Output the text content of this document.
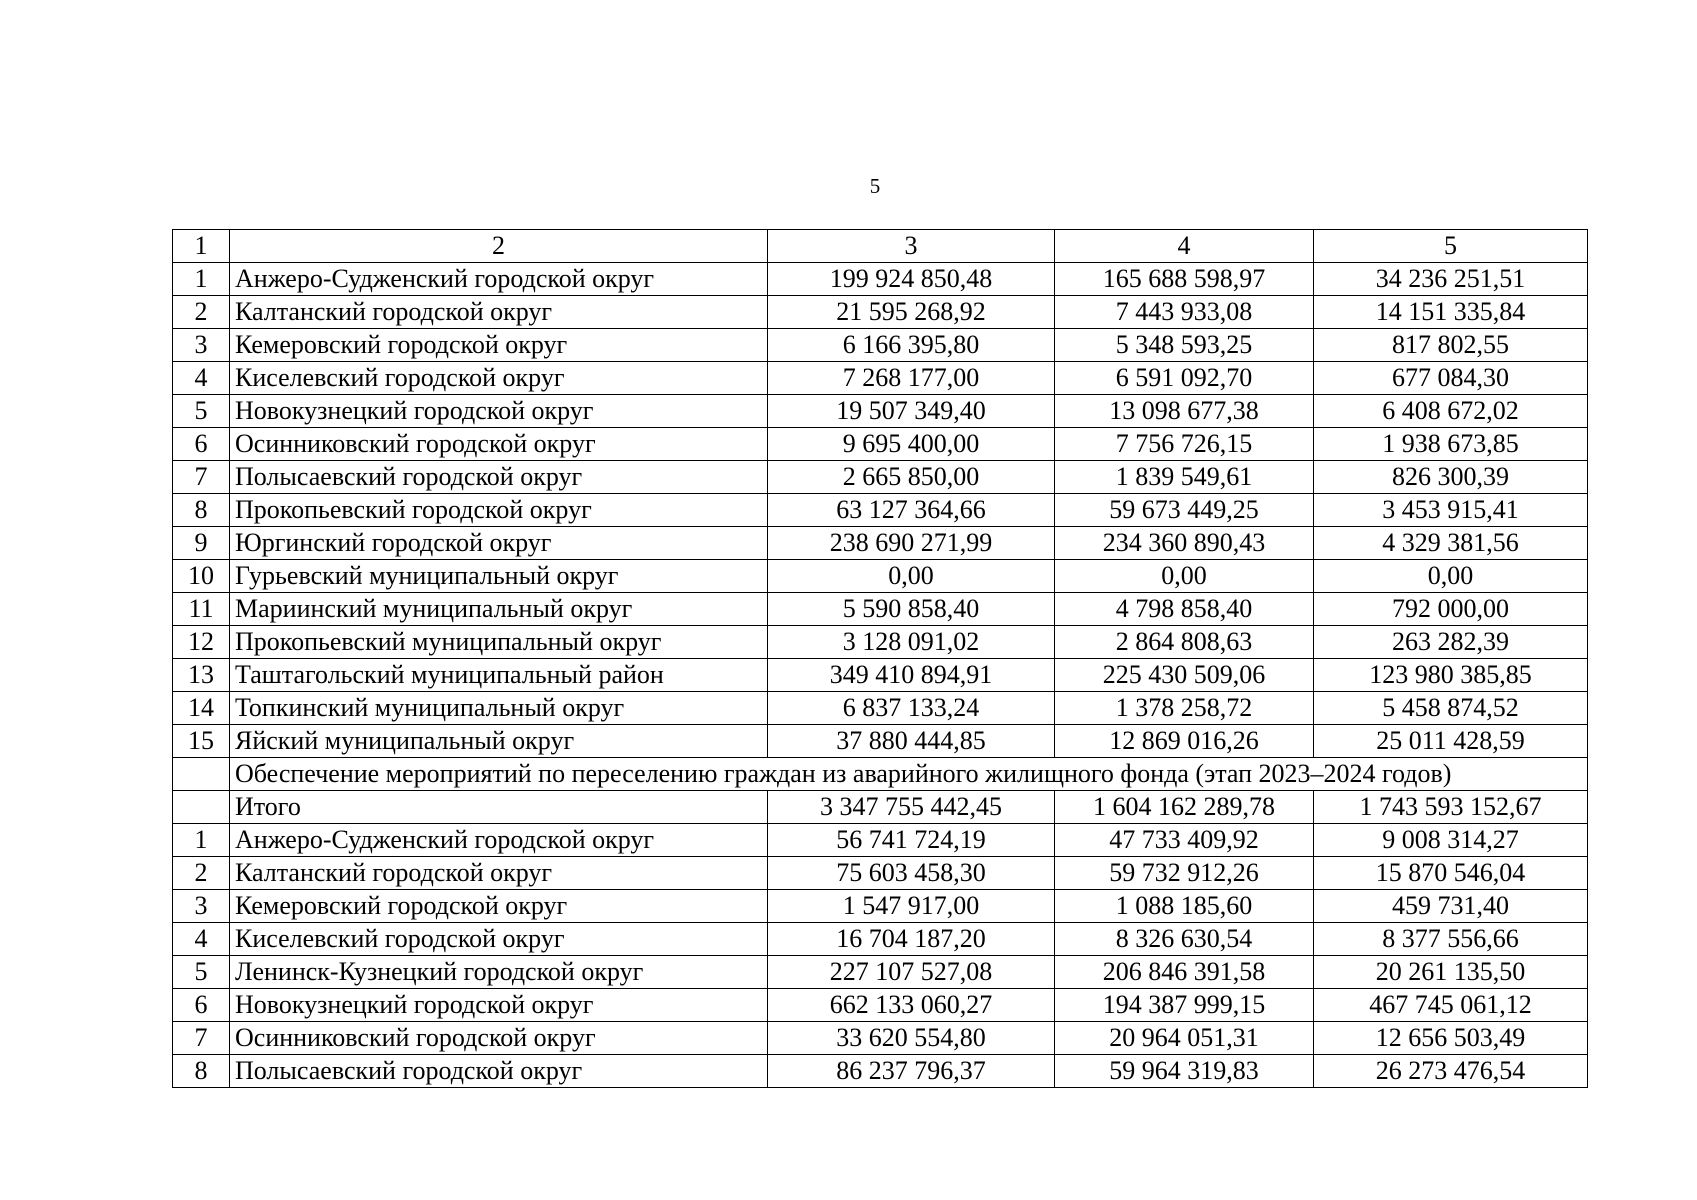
5
1	2	3	4	5
1	Анжеро-Судженский городской округ	199 924 850,48	165 688 598,97	34 236 251,51
2	Калтанский городской округ	21 595 268,92	7 443 933,08	14 151 335,84
3	Кемеровский городской округ	6 166 395,80	5 348 593,25	817 802,55
4	Киселевский городской округ	7 268 177,00	6 591 092,70	677 084,30
5	Новокузнецкий городской округ	19 507 349,40	13 098 677,38	6 408 672,02
6	Осинниковский городской округ	9 695 400,00	7 756 726,15	1 938 673,85
7	Полысаевский городской округ	2 665 850,00	1 839 549,61	826 300,39
8	Прокопьевский городской округ	63 127 364,66	59 673 449,25	3 453 915,41
9	Юргинский городской округ	238 690 271,99	234 360 890,43	4 329 381,56
10	Гурьевский муниципальный округ	0,00	0,00	0,00
11	Мариинский муниципальный округ	5 590 858,40	4 798 858,40	792 000,00
12	Прокопьевский муниципальный округ	3 128 091,02	2 864 808,63	263 282,39
13	Таштагольский муниципальный район	349 410 894,91	225 430 509,06	123 980 385,85
14	Топкинский муниципальный округ	6 837 133,24	1 378 258,72	5 458 874,52
15	Яйский муниципальный округ	37 880 444,85	12 869 016,26	25 011 428,59
	Обеспечение мероприятий по переселению граждан из аварийного жилищного фонда (этап 2023–2024 годов)			
	Итого	3 347 755 442,45	1 604 162 289,78	1 743 593 152,67
1	Анжеро-Судженский городской округ	56 741 724,19	47 733 409,92	9 008 314,27
2	Калтанский городской округ	75 603 458,30	59 732 912,26	15 870 546,04
3	Кемеровский городской округ	1 547 917,00	1 088 185,60	459 731,40
4	Киселевский городской округ	16 704 187,20	8 326 630,54	8 377 556,66
5	Ленинск-Кузнецкий городской округ	227 107 527,08	206 846 391,58	20 261 135,50
6	Новокузнецкий городской округ	662 133 060,27	194 387 999,15	467 745 061,12
7	Осинниковский городской округ	33 620 554,80	20 964 051,31	12 656 503,49
8	Полысаевский городской округ	86 237 796,37	59 964 319,83	26 273 476,54
